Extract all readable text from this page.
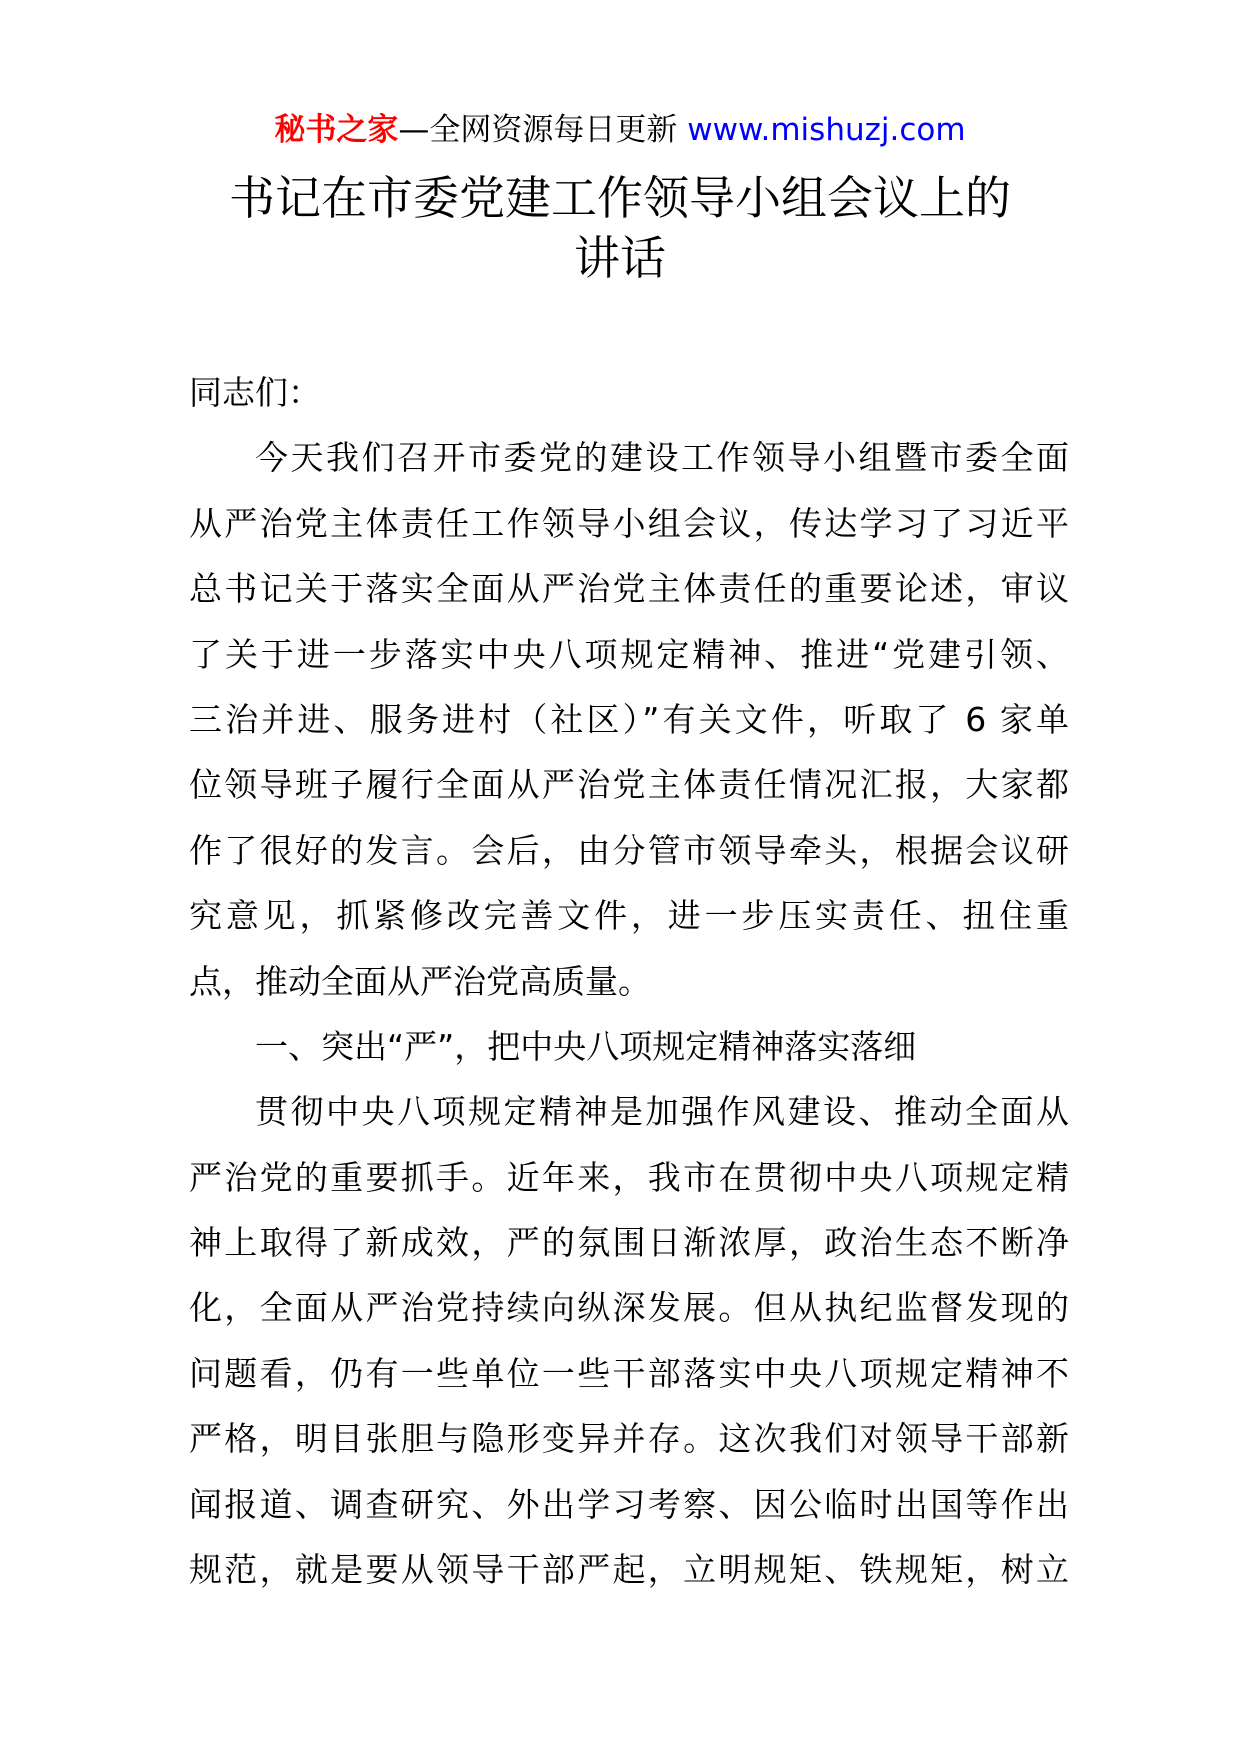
秘书之家—全网资源每日更新 www.mishuzj.com
书记在市委党建工作领导小组会议上的
讲话
同志们：
今天我们召开市委党的建设工作领导小组暨市委全面
从严治党主体责任工作领导小组会议，传达学习了习近平
总书记关于落实全面从严治党主体责任的重要论述，审议
了关于进一步落实中央八项规定精神、推进“党建引领、
三治并进、服务进村（社区）”有关文件，听取了 6 家单
位领导班子履行全面从严治党主体责任情况汇报，大家都
作了很好的发言。会后，由分管市领导牵头，根据会议研
究意见，抓紧修改完善文件，进一步压实责任、扭住重
点，推动全面从严治党高质量。
一、突出“严”，把中央八项规定精神落实落细
贯彻中央八项规定精神是加强作风建设、推动全面从
严治党的重要抓手。近年来，我市在贯彻中央八项规定精
神上取得了新成效，严的氛围日渐浓厚，政治生态不断净
化，全面从严治党持续向纵深发展。但从执纪监督发现的
问题看，仍有一些单位一些干部落实中央八项规定精神不
严格，明目张胆与隐形变异并存。这次我们对领导干部新
闻报道、调查研究、外出学习考察、因公临时出国等作出
规范，就是要从领导干部严起，立明规矩、铁规矩，树立
